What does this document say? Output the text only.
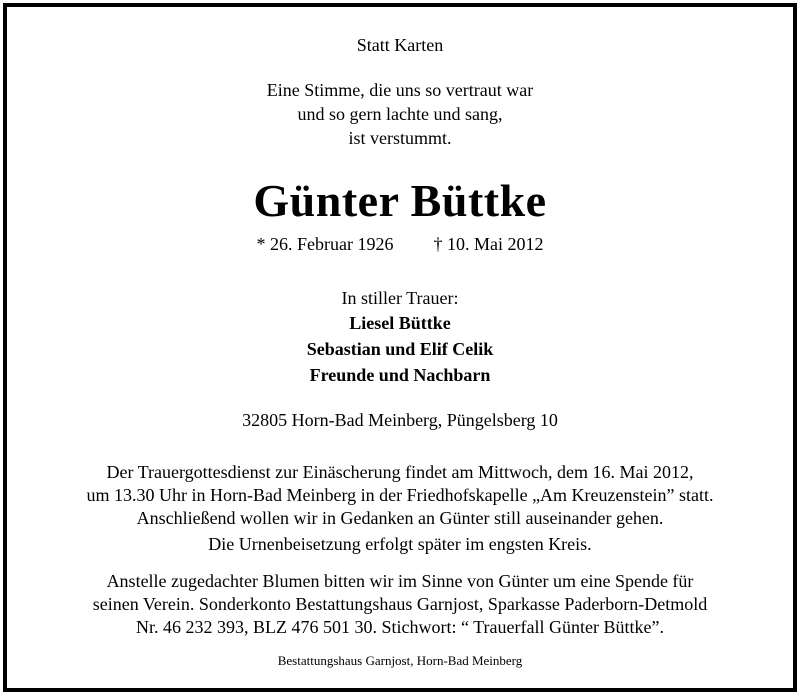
Statt Karten
Eine Stimme, die uns so vertraut war
und so gern lachte und sang,
ist verstummt.
Günter Büttke
* 26. Februar 1926 † 10. Mai 2012
In stiller Trauer:
Liesel Büttke
Sebastian und Elif Celik
Freunde und Nachbarn
32805 Horn-Bad Meinberg, Püngelsberg 10
Der Trauergottesdienst zur Einäscherung findet am Mittwoch, dem 16. Mai 2012,
um 13.30 Uhr in Horn-Bad Meinberg in der Friedhofskapelle „Am Kreuzenstein” statt.
Anschließend wollen wir in Gedanken an Günter still auseinander gehen.
Die Urnenbeisetzung erfolgt später im engsten Kreis.
Anstelle zugedachter Blumen bitten wir im Sinne von Günter um eine Spende für
seinen Verein. Sonderkonto Bestattungshaus Garnjost, Sparkasse Paderborn-Detmold
Nr. 46 232 393, BLZ 476 501 30. Stichwort: “ Trauerfall Günter Büttke”.
Bestattungshaus Garnjost, Horn-Bad Meinberg
